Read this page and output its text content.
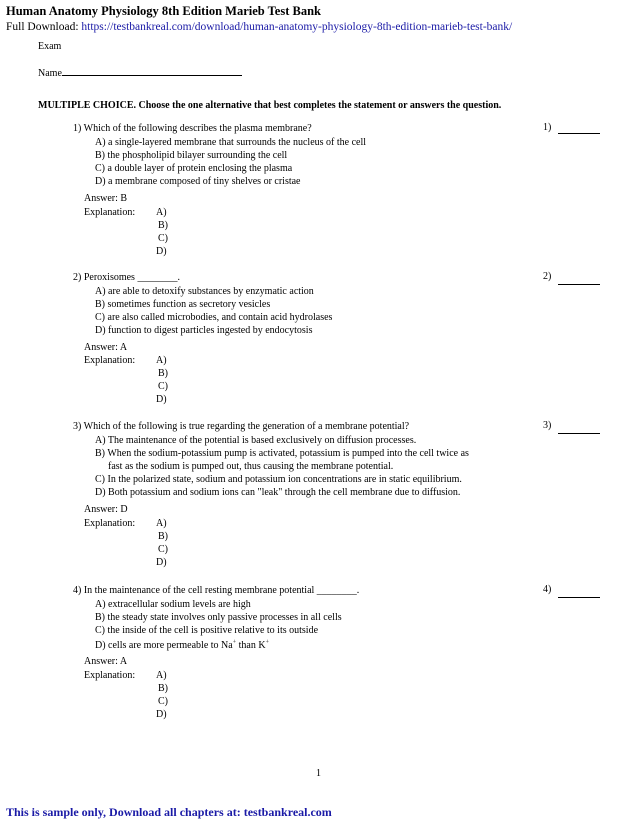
Human Anatomy Physiology 8th Edition Marieb Test Bank
Full Download: https://testbankreal.com/download/human-anatomy-physiology-8th-edition-marieb-test-bank/
Exam
Name
MULTIPLE CHOICE. Choose the one alternative that best completes the statement or answers the question.
1) Which of the following describes the plasma membrane?	1)
A) a single-layered membrane that surrounds the nucleus of the cell
B) the phospholipid bilayer surrounding the cell
C) a double layer of protein enclosing the plasma
D) a membrane composed of tiny shelves or cristae
Answer: B
Explanation: A)
B)
C)
D)
2) Peroxisomes ________.	2)
A) are able to detoxify substances by enzymatic action
B) sometimes function as secretory vesicles
C) are also called microbodies, and contain acid hydrolases
D) function to digest particles ingested by endocytosis
Answer: A
Explanation: A)
B)
C)
D)
3) Which of the following is true regarding the generation of a membrane potential?	3)
A) The maintenance of the potential is based exclusively on diffusion processes.
B) When the sodium-potassium pump is activated, potassium is pumped into the cell twice as
fast as the sodium is pumped out, thus causing the membrane potential.
C) In the polarized state, sodium and potassium ion concentrations are in static equilibrium.
D) Both potassium and sodium ions can "leak" through the cell membrane due to diffusion.
Answer: D
Explanation: A)
B)
C)
D)
4) In the maintenance of the cell resting membrane potential ________.	4)
A) extracellular sodium levels are high
B) the steady state involves only passive processes in all cells
C) the inside of the cell is positive relative to its outside
D) cells are more permeable to Na+ than K+
Answer: A
Explanation: A)
B)
C)
D)
1
This is sample only, Download all chapters at: testbankreal.com
